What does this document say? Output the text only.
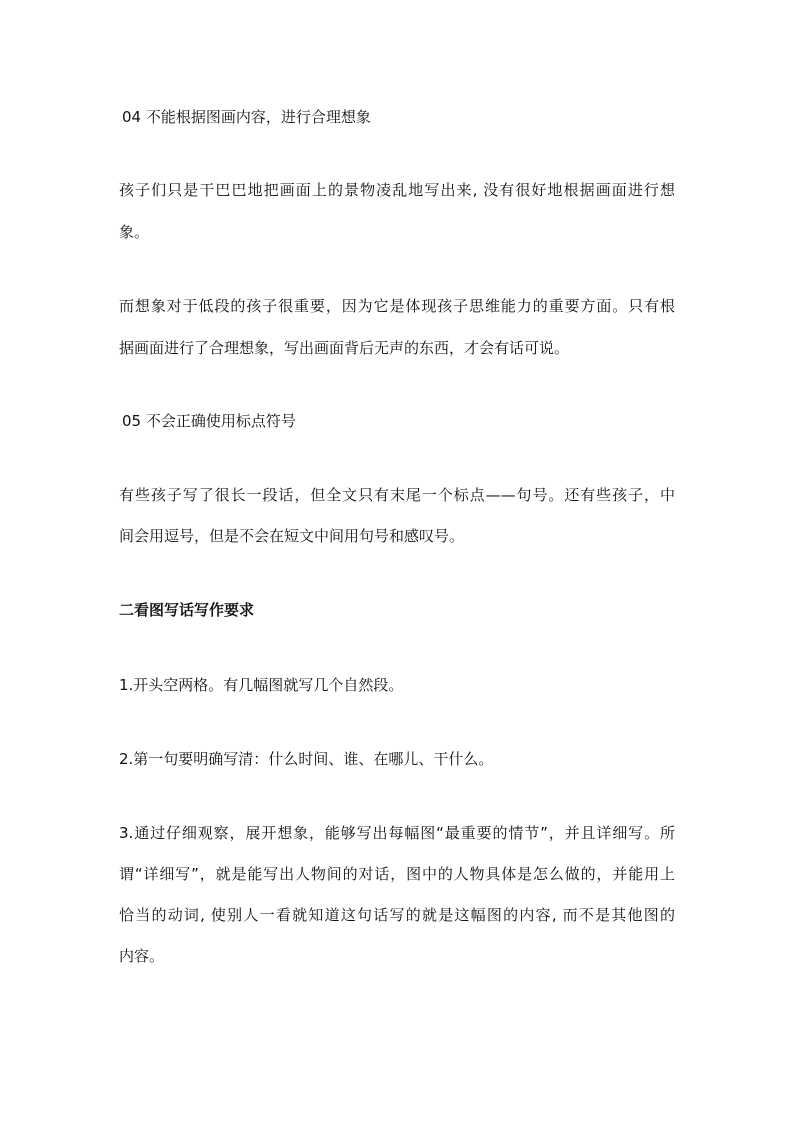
04 不能根据图画内容，进行合理想象
孩子们只是干巴巴地把画面上的景物凌乱地写出来, 没有很好地根据画面进行想
象。
而想象对于低段的孩子很重要，因为它是体现孩子思维能力的重要方面。只有根
据画面进行了合理想象，写出画面背后无声的东西，才会有话可说。
05 不会正确使用标点符号
有些孩子写了很长一段话，但全文只有末尾一个标点——句号。还有些孩子，中
间会用逗号，但是不会在短文中间用句号和感叹号。
二看图写话写作要求
1.开头空两格。有几幅图就写几个自然段。
2.第一句要明确写清：什么时间、谁、在哪儿、干什么。
3.通过仔细观察，展开想象，能够写出每幅图“最重要的情节”，并且详细写。所
谓“详细写”，就是能写出人物间的对话，图中的人物具体是怎么做的，并能用上
恰当的动词, 使别人一看就知道这句话写的就是这幅图的内容, 而不是其他图的
内容。
